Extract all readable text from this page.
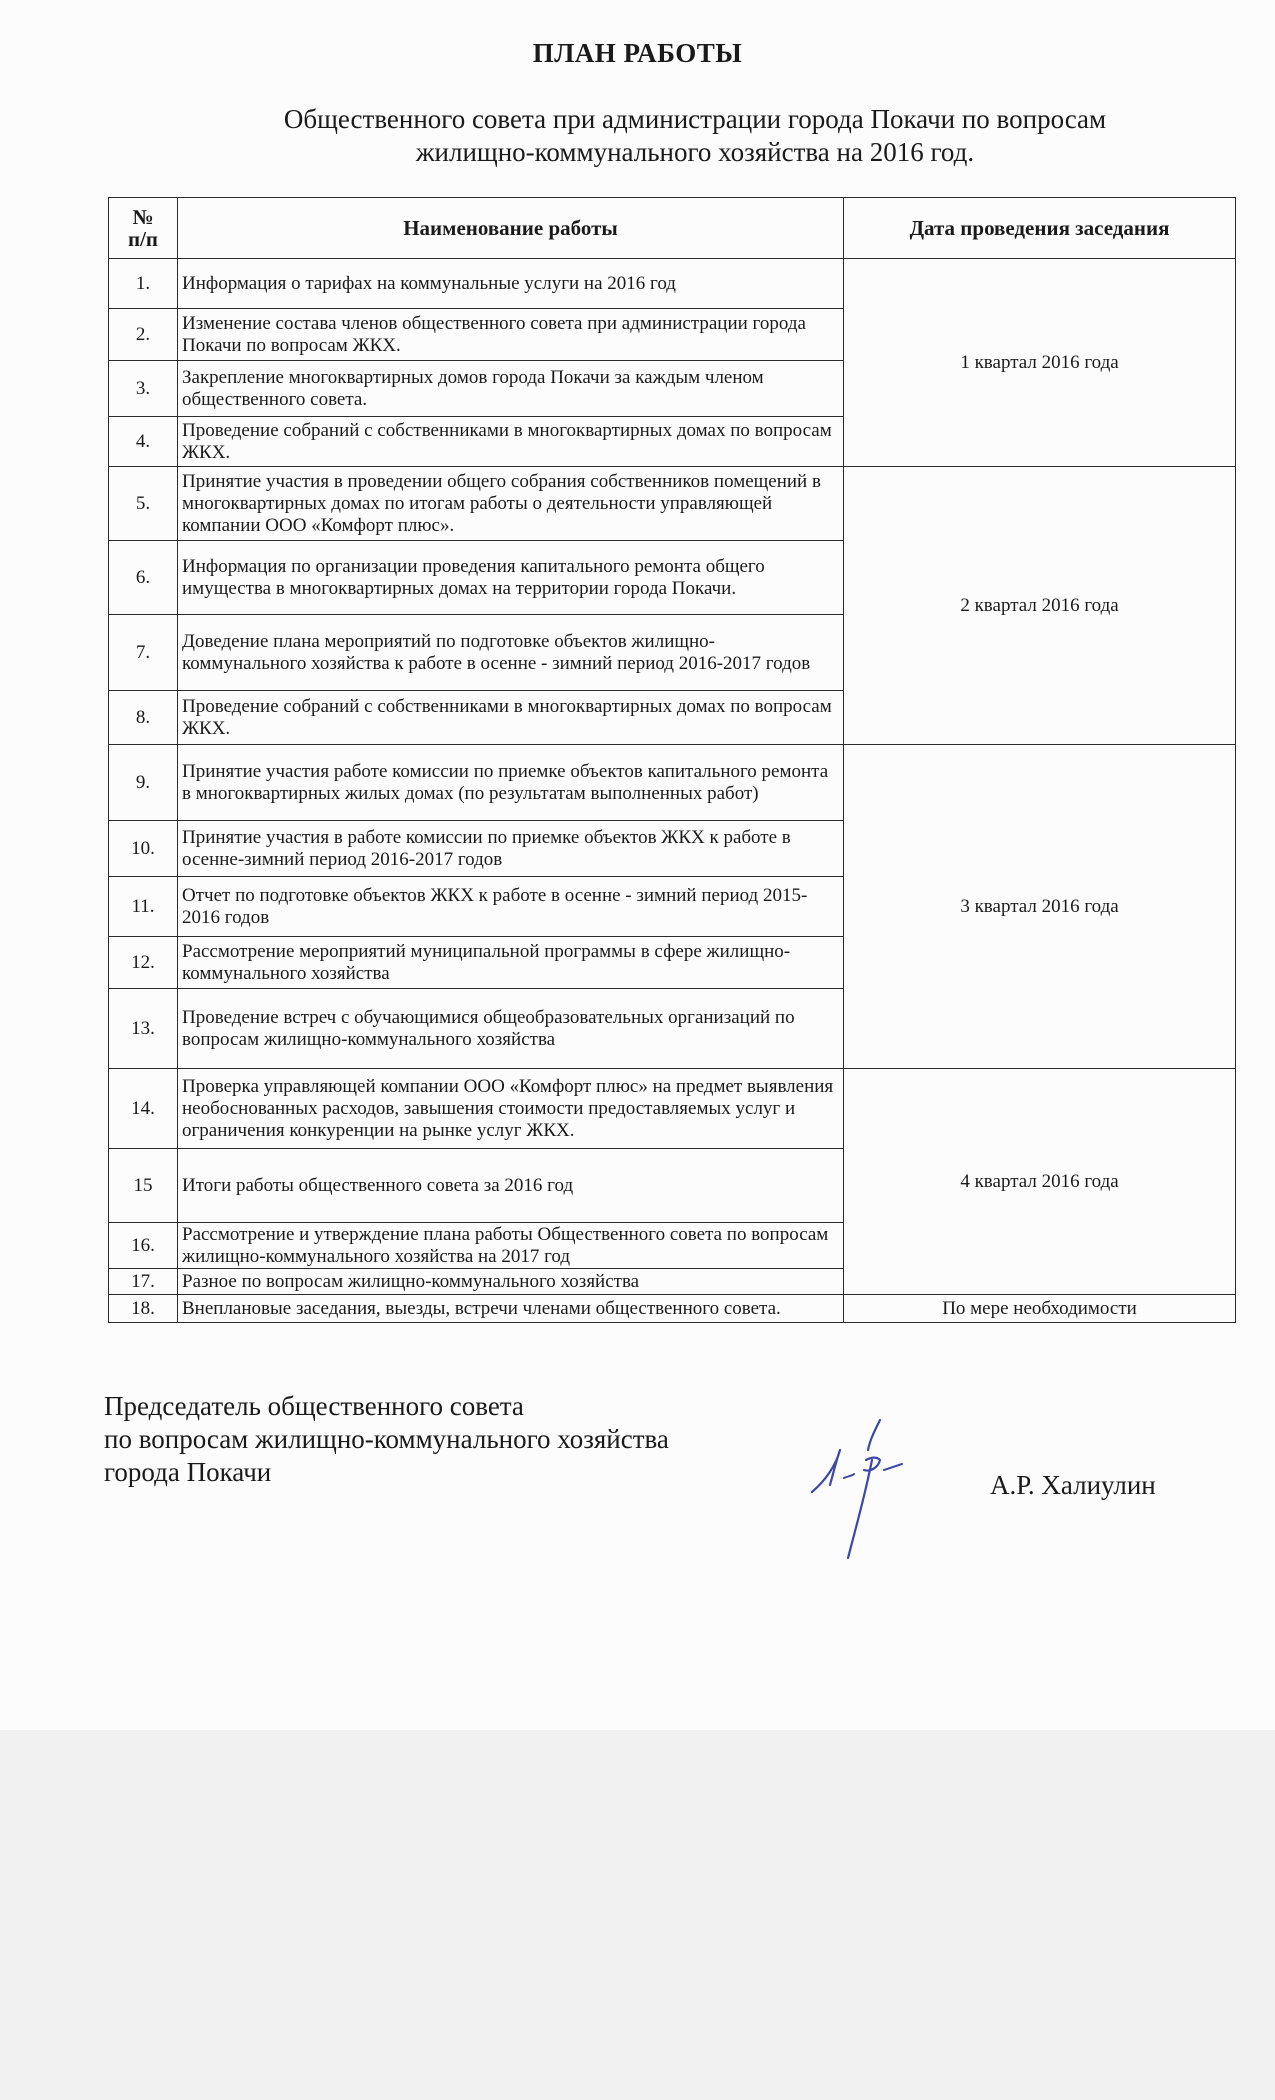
ПЛАН РАБОТЫ
Общественного совета при администрации города Покачи по вопросам
жилищно-коммунального хозяйства на 2016 год.
№
п/п	Наименование работы	Дата проведения заседания
1.	Информация о тарифах на коммунальные услуги на 2016 год	1 квартал 2016 года
2.	Изменение состава членов общественного совета при администрации города Покачи по вопросам ЖКХ.	
3.	Закрепление многоквартирных домов города Покачи за каждым членом общественного совета.	
4.	Проведение собраний с собственниками в многоквартирных домах по вопросам ЖКХ.	
5.	Принятие участия в проведении общего собрания собственников помещений в многоквартирных домах по итогам работы о деятельности управляющей компании ООО «Комфорт плюс».	2 квартал 2016 года
6.	Информация по организации проведения капитального ремонта общего имущества в многоквартирных домах на территории города Покачи.	
7.	Доведение плана мероприятий по подготовке объектов жилищно-коммунального хозяйства к работе в осенне - зимний период 2016-2017 годов	
8.	Проведение собраний с собственниками в многоквартирных домах по вопросам ЖКХ.	
9.	Принятие участия работе комиссии по приемке объектов капитального ремонта в многоквартирных жилых домах (по результатам выполненных работ)	3 квартал 2016 года
10.	Принятие участия в работе комиссии по приемке объектов ЖКХ к работе в осенне-зимний период 2016-2017 годов	
11.	Отчет по подготовке объектов ЖКХ к работе в осенне - зимний период 2015-2016 годов	
12.	Рассмотрение мероприятий муниципальной программы в сфере жилищно-коммунального хозяйства	
13.	Проведение встреч с обучающимися общеобразовательных организаций по вопросам жилищно-коммунального хозяйства	
14.	Проверка управляющей компании ООО «Комфорт плюс» на предмет выявления необоснованных расходов, завышения стоимости предоставляемых услуг и ограничения конкуренции на рынке услуг ЖКХ.	4 квартал 2016 года
15	Итоги работы общественного совета за 2016 год	
16.	Рассмотрение и утверждение плана работы Общественного совета по вопросам жилищно-коммунального хозяйства на 2017 год	
17.	Разное по вопросам жилищно-коммунального хозяйства	
18.	Внеплановые заседания, выезды, встречи членами общественного совета.	По мере необходимости
Председатель общественного совета
по вопросам жилищно-коммунального хозяйства
города Покачи	А.Р. Халиулин
